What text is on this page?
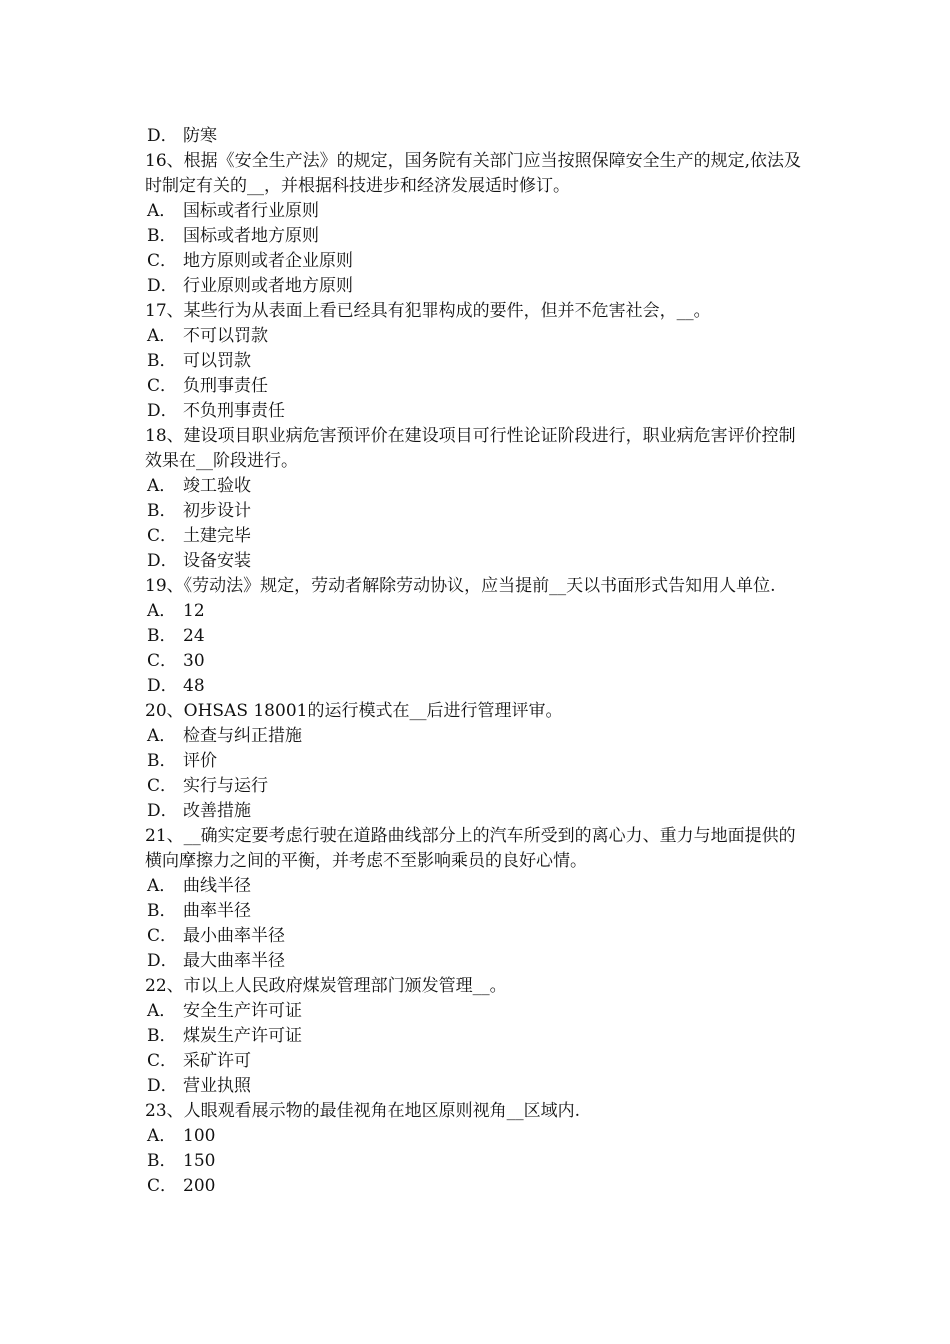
D． 防寒
16、根据《安全生产法》的规定，国务院有关部门应当按照保障安全生产的规定,依法及时制定有关的__，并根据科技进步和经济发展适时修订。
A． 国标或者行业原则
B． 国标或者地方原则
C． 地方原则或者企业原则
D． 行业原则或者地方原则
17、某些行为从表面上看已经具有犯罪构成的要件，但并不危害社会，__。
A． 不可以罚款
B． 可以罚款
C． 负刑事责任
D． 不负刑事责任
18、建设项目职业病危害预评价在建设项目可行性论证阶段进行，职业病危害评价控制效果在__阶段进行。
A． 竣工验收
B． 初步设计
C． 土建完毕
D． 设备安装
19、《劳动法》规定，劳动者解除劳动协议，应当提前__天以书面形式告知用人单位.
A． 12
B． 24
C． 30
D． 48
20、OHSAS 18001的运行模式在__后进行管理评审。
A． 检查与纠正措施
B． 评价
C． 实行与运行
D． 改善措施
21、__确实定要考虑行驶在道路曲线部分上的汽车所受到的离心力、重力与地面提供的横向摩擦力之间的平衡，并考虑不至影响乘员的良好心情。
A． 曲线半径
B． 曲率半径
C． 最小曲率半径
D． 最大曲率半径
22、市以上人民政府煤炭管理部门颁发管理__。
A． 安全生产许可证
B． 煤炭生产许可证
C． 采矿许可
D． 营业执照
23、人眼观看展示物的最佳视角在地区原则视角__区域内.
A． 100
B． 150
C． 200
